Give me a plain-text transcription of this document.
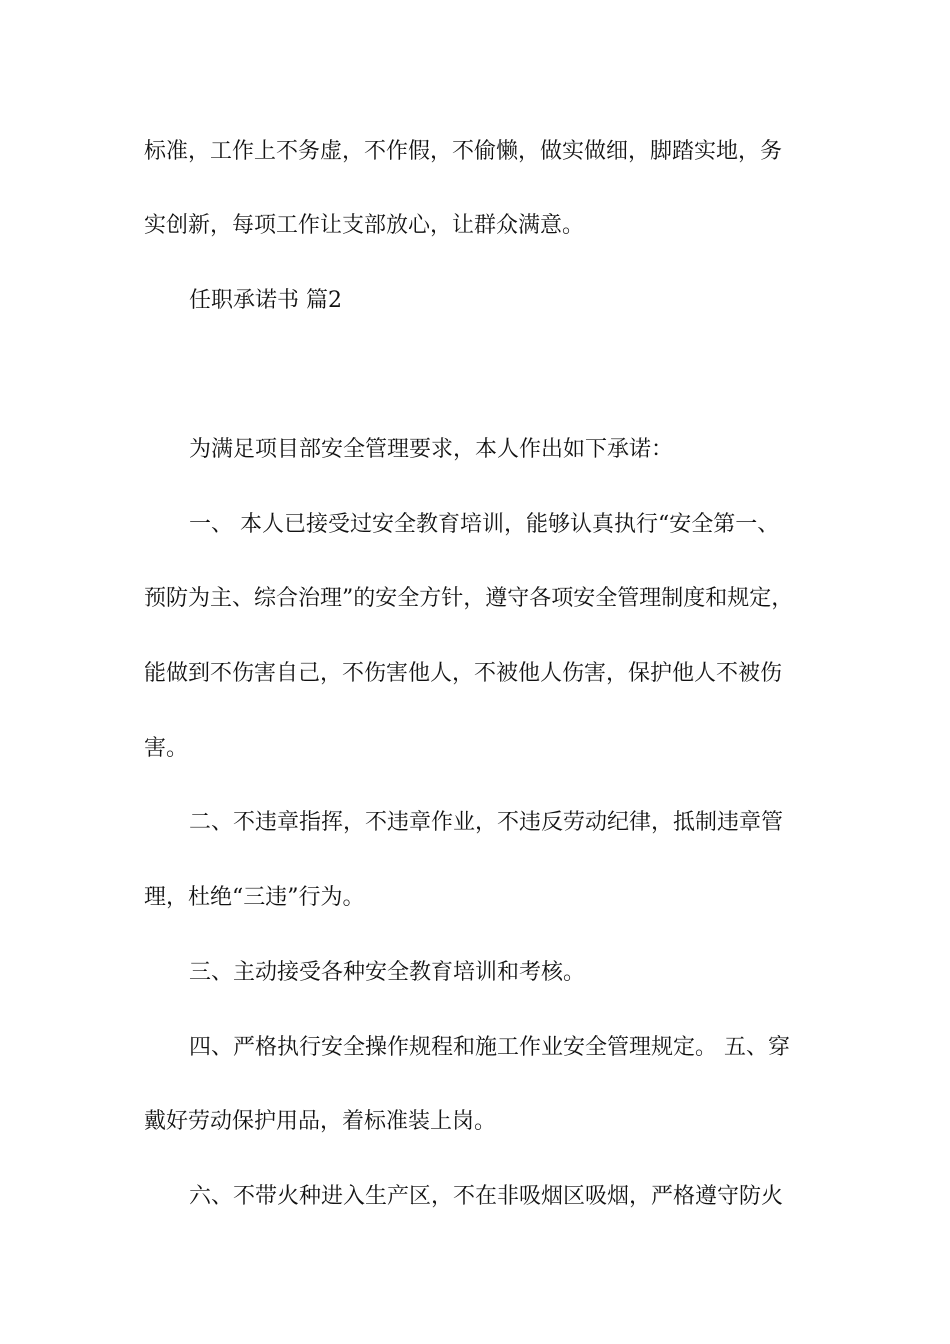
标准，工作上不务虚，不作假，不偷懒，做实做细，脚踏实地，务
实创新，每项工作让支部放心，让群众满意。
任职承诺书 篇2
为满足项目部安全管理要求，本人作出如下承诺：
一、 本人已接受过安全教育培训，能够认真执行“安全第一、
预防为主、综合治理”的安全方针，遵守各项安全管理制度和规定，
能做到不伤害自己，不伤害他人，不被他人伤害，保护他人不被伤
害。
二、不违章指挥，不违章作业，不违反劳动纪律，抵制违章管
理，杜绝“三违”行为。
三、主动接受各种安全教育培训和考核。
四、严格执行安全操作规程和施工作业安全管理规定。 五、穿
戴好劳动保护用品，着标准装上岗。
六、不带火种进入生产区，不在非吸烟区吸烟，严格遵守防火
